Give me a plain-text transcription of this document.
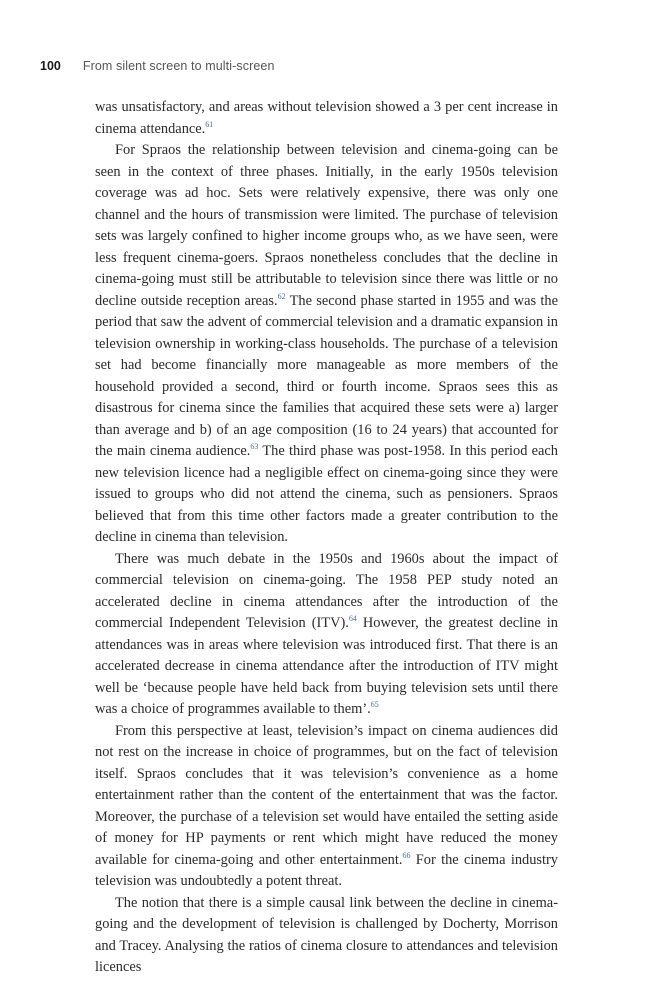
100 From silent screen to multi-screen

was unsatisfactory, and areas without television showed a 3 per cent increase in cinema attendance.$^{61}$

For Spraos the relationship between television and cinema-going can be seen in the context of three phases. Initially, in the early 1950s television coverage was ad hoc. Sets were relatively expensive, there was only one channel and the hours of transmission were limited. The purchase of television sets was largely confined to higher income groups who, as we have seen, were less frequent cinema-goers. Spraos nonetheless concludes that the decline in cinema-going must still be attributable to television since there was little or no decline outside reception areas.$^{62}$ The second phase started in 1955 and was the period that saw the advent of commercial television and a dramatic expansion in television ownership in working-class households. The purchase of a television set had become financially more manageable as more members of the household provided a second, third or fourth income. Spraos sees this as disastrous for cinema since the families that acquired these sets were a) larger than average and b) of an age composition (16 to 24 years) that accounted for the main cinema audience.$^{63}$ The third phase was post-1958. In this period each new television licence had a negligible effect on cinema-going since they were issued to groups who did not attend the cinema, such as pensioners. Spraos believed that from this time other factors made a greater contribution to the decline in cinema than television.

There was much debate in the 1950s and 1960s about the impact of commercial television on cinema-going. The 1958 PEP study noted an accelerated decline in cinema attendances after the introduction of the commercial Independent Television (ITV).$^{64}$ However, the greatest decline in attendances was in areas where television was introduced first. That there is an accelerated decrease in cinema attendance after the introduction of ITV might well be ‘because people have held back from buying television sets until there was a choice of programmes available to them’.$^{65}$

From this perspective at least, television’s impact on cinema audiences did not rest on the increase in choice of programmes, but on the fact of television itself. Spraos concludes that it was television’s convenience as a home entertainment rather than the content of the entertainment that was the factor. Moreover, the purchase of a television set would have entailed the setting aside of money for HP payments or rent which might have reduced the money available for cinema-going and other entertainment.$^{66}$ For the cinema industry television was undoubtedly a potent threat.

The notion that there is a simple causal link between the decline in cinema-going and the development of television is challenged by Docherty, Morrison and Tracey. Analysing the ratios of cinema closure to attendances and television licences
